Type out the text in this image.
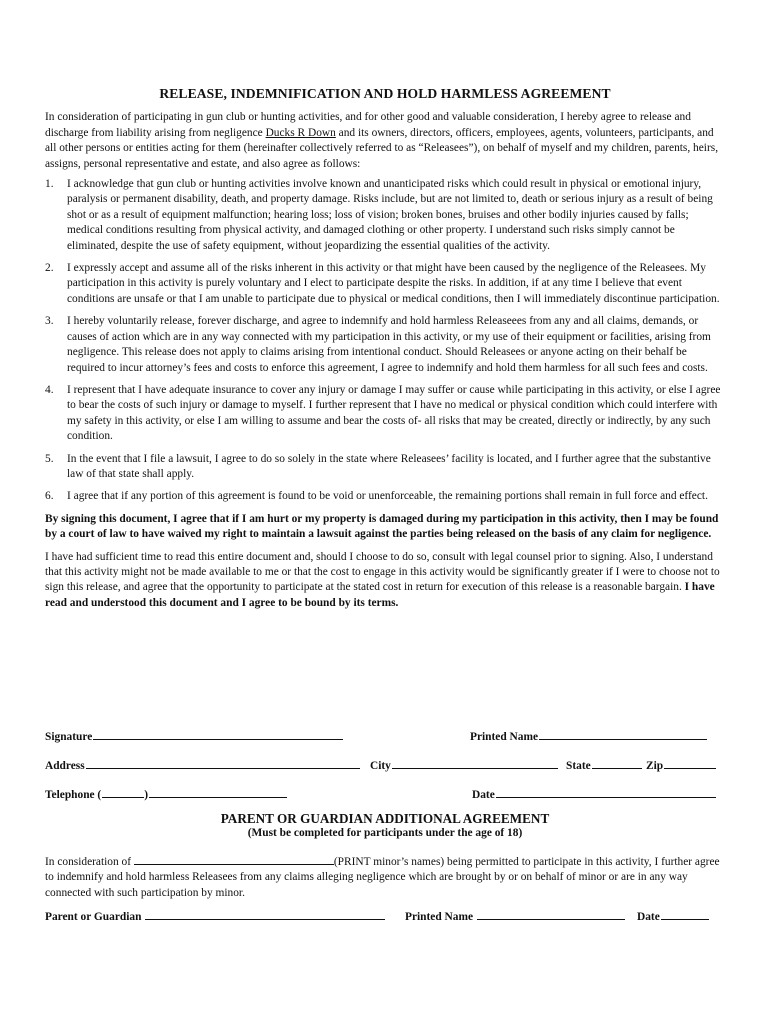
RELEASE, INDEMNIFICATION AND HOLD HARMLESS AGREEMENT

In consideration of participating in gun club or hunting activities, and for other good and valuable consideration, I hereby agree to release and discharge from liability arising from negligence Ducks R Down and its owners, directors, officers, employees, agents, volunteers, participants, and all other persons or entities acting for them (hereinafter collectively referred to as “Releasees”), on behalf of myself and my children, parents, heirs, assigns, personal representative and estate, and also agree as follows:

1. I acknowledge that gun club or hunting activities involve known and unanticipated risks which could result in physical or emotional injury, paralysis or permanent disability, death, and property damage. Risks include, but are not limited to, death or serious injury as a result of being shot or as a result of equipment malfunction; hearing loss; loss of vision; broken bones, bruises and other bodily injuries caused by falls; medical conditions resulting from physical activity, and damaged clothing or other property. I understand such risks simply cannot be eliminated, despite the use of safety equipment, without jeopardizing the essential qualities of the activity.
2. I expressly accept and assume all of the risks inherent in this activity or that might have been caused by the negligence of the Releasees. My participation in this activity is purely voluntary and I elect to participate despite the risks. In addition, if at any time I believe that event conditions are unsafe or that I am unable to participate due to physical or medical conditions, then I will immediately discontinue participation.
3. I hereby voluntarily release, forever discharge, and agree to indemnify and hold harmless Releaseees from any and all claims, demands, or causes of action which are in any way connected with my participation in this activity, or my use of their equipment or facilities, arising from negligence. This release does not apply to claims arising from intentional conduct. Should Releasees or anyone acting on their behalf be required to incur attorney’s fees and costs to enforce this agreement, I agree to indemnify and hold them harmless for all such fees and costs.
4. I represent that I have adequate insurance to cover any injury or damage I may suffer or cause while participating in this activity, or else I agree to bear the costs of such injury or damage to myself. I further represent that I have no medical or physical condition which could interfere with my safety in this activity, or else I am willing to assume and bear the costs of- all risks that may be created, directly or indirectly, by any such condition.
5. In the event that I file a lawsuit, I agree to do so solely in the state where Releasees’ facility is located, and I further agree that the substantive law of that state shall apply.
6. I agree that if any portion of this agreement is found to be void or unenforceable, the remaining portions shall remain in full force and effect.

By signing this document, I agree that if I am hurt or my property is damaged during my participation in this activity, then I may be found by a court of law to have waived my right to maintain a lawsuit against the parties being released on the basis of any claim for negligence.

I have had sufficient time to read this entire document and, should I choose to do so, consult with legal counsel prior to signing. Also, I understand that this activity might not be made available to me or that the cost to engage in this activity would be significantly greater if I were to choose not to sign this release, and agree that the opportunity to participate at the stated cost in return for execution of this release is a reasonable bargain. I have read and understood this document and I agree to be bound by its terms.

Signature	Printed Name
Address	City	State	Zip
Telephone (	)	Date
PARENT OR GUARDIAN ADDITIONAL AGREEMENT
(Must be completed for participants under the age of 18)

In consideration of	(PRINT minor’s names) being permitted to participate in this activity, I further agree to indemnify and hold harmless Releasees from any claims alleging negligence which are brought by or on behalf of minor or are in any way connected with such participation by minor.

Parent or Guardian	Printed Name	Date
